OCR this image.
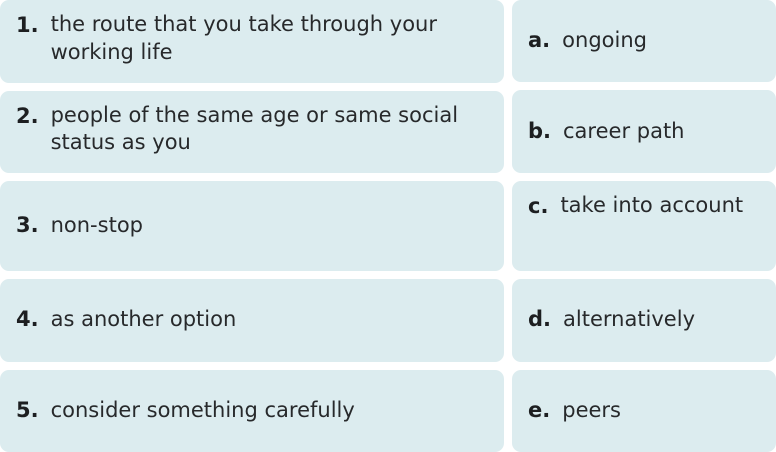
1. the route that you take through your working life
2. people of the same age or same social status as you
3. non-stop
4. as another option
5. consider something carefully
a. ongoing
b. career path
c. take into account
d. alternatively
e. peers
